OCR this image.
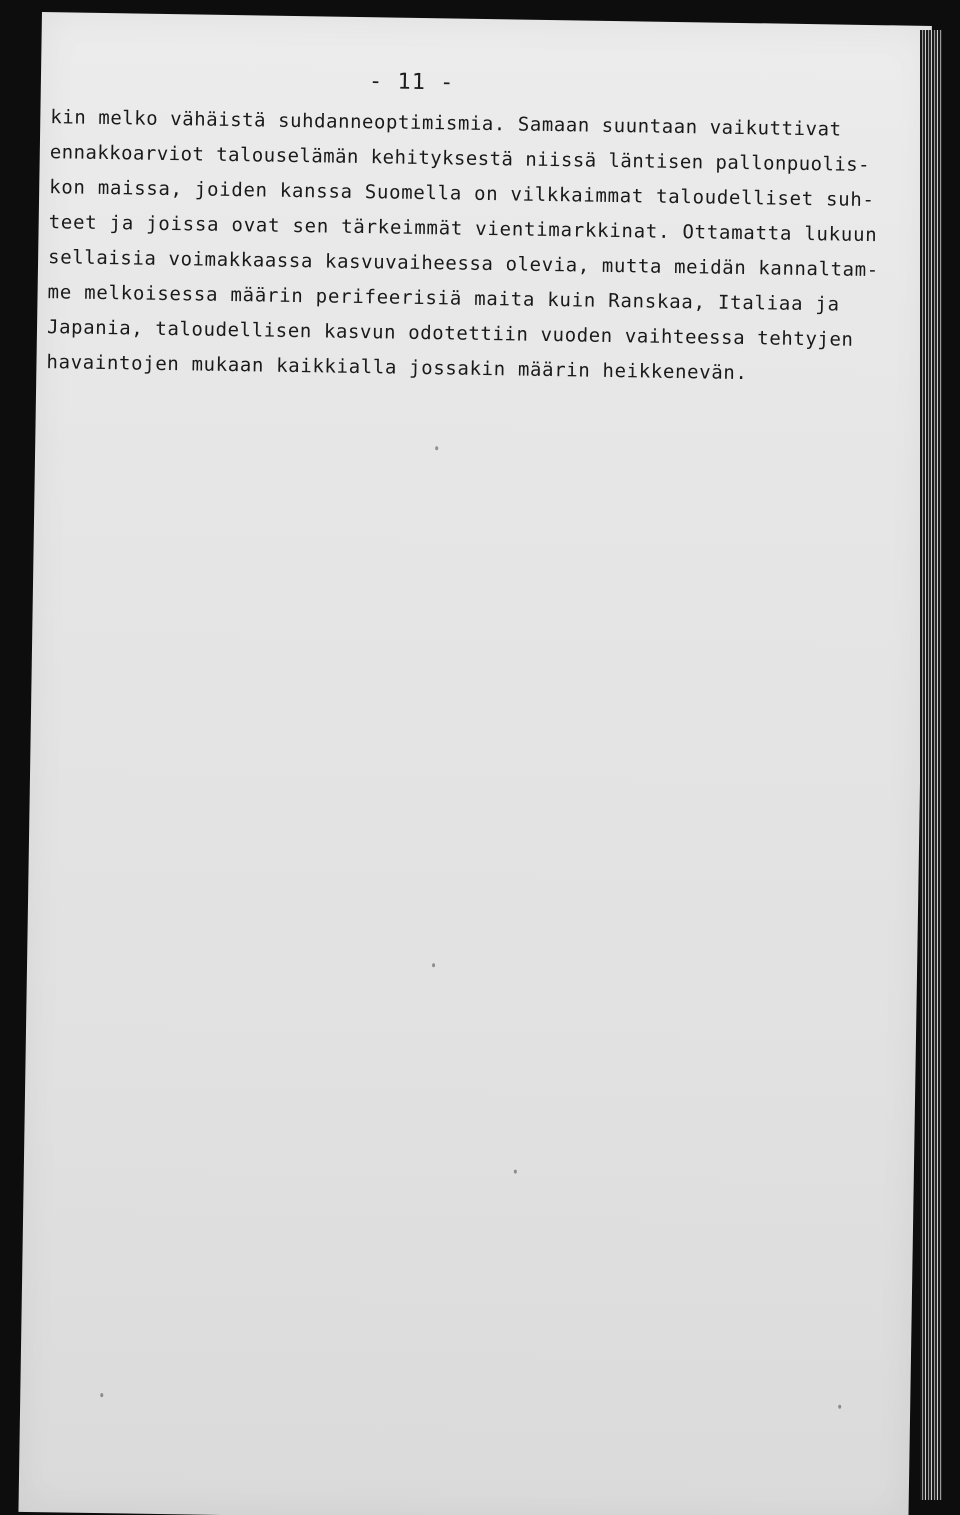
- 11 -
kin melko vähäistä suhdanneoptimismia. Samaan suuntaan vaikuttivat
ennakkoarviot talouselämän kehityksestä niissä läntisen pallonpuolis-
kon maissa, joiden kanssa Suomella on vilkkaimmat taloudelliset suh-
teet ja joissa ovat sen tärkeimmät vientimarkkinat. Ottamatta lukuun
sellaisia voimakkaassa kasvuvaiheessa olevia, mutta meidän kannaltam-
me melkoisessa määrin perifeerisiä maita kuin Ranskaa, Italiaa ja
Japania, taloudellisen kasvun odotettiin vuoden vaihteessa tehtyjen
havaintojen mukaan kaikkialla jossakin määrin heikkenevän.
